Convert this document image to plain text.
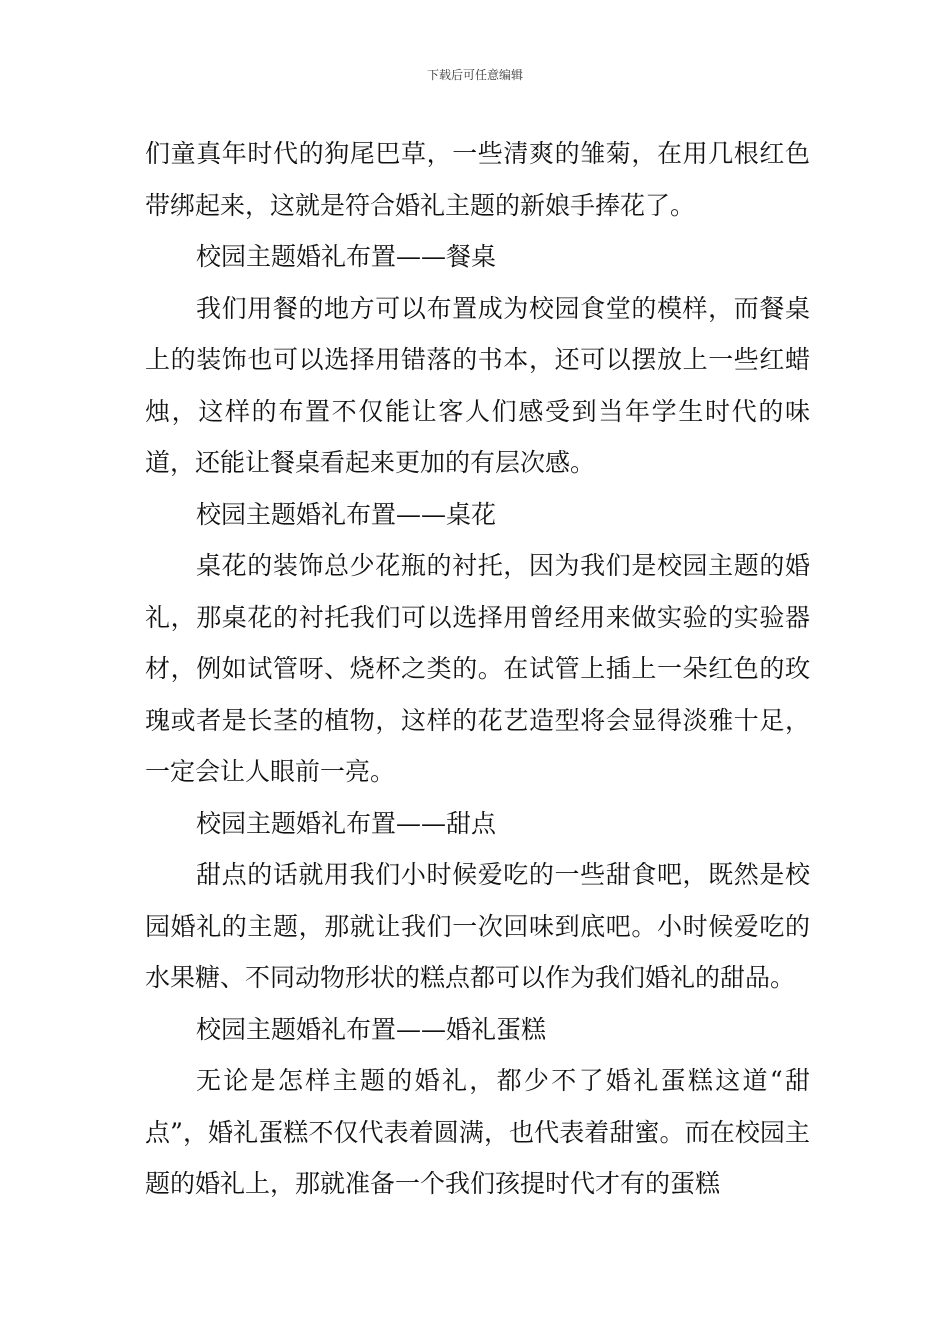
下载后可任意编辑

们童真年时代的狗尾巴草，一些清爽的雏菊，在用几根红色带绑起来，这就是符合婚礼主题的新娘手捧花了。

校园主题婚礼布置——餐桌

我们用餐的地方可以布置成为校园食堂的模样，而餐桌上的装饰也可以选择用错落的书本，还可以摆放上一些红蜡烛，这样的布置不仅能让客人们感受到当年学生时代的味道，还能让餐桌看起来更加的有层次感。

校园主题婚礼布置——桌花

桌花的装饰总少花瓶的衬托，因为我们是校园主题的婚礼，那桌花的衬托我们可以选择用曾经用来做实验的实验器材，例如试管呀、烧杯之类的。在试管上插上一朵红色的玫瑰或者是长茎的植物，这样的花艺造型将会显得淡雅十足，一定会让人眼前一亮。

校园主题婚礼布置——甜点

甜点的话就用我们小时候爱吃的一些甜食吧，既然是校园婚礼的主题，那就让我们一次回味到底吧。小时候爱吃的水果糖、不同动物形状的糕点都可以作为我们婚礼的甜品。

校园主题婚礼布置——婚礼蛋糕

无论是怎样主题的婚礼，都少不了婚礼蛋糕这道“甜点”，婚礼蛋糕不仅代表着圆满，也代表着甜蜜。而在校园主题的婚礼上，那就准备一个我们孩提时代才有的蛋糕
